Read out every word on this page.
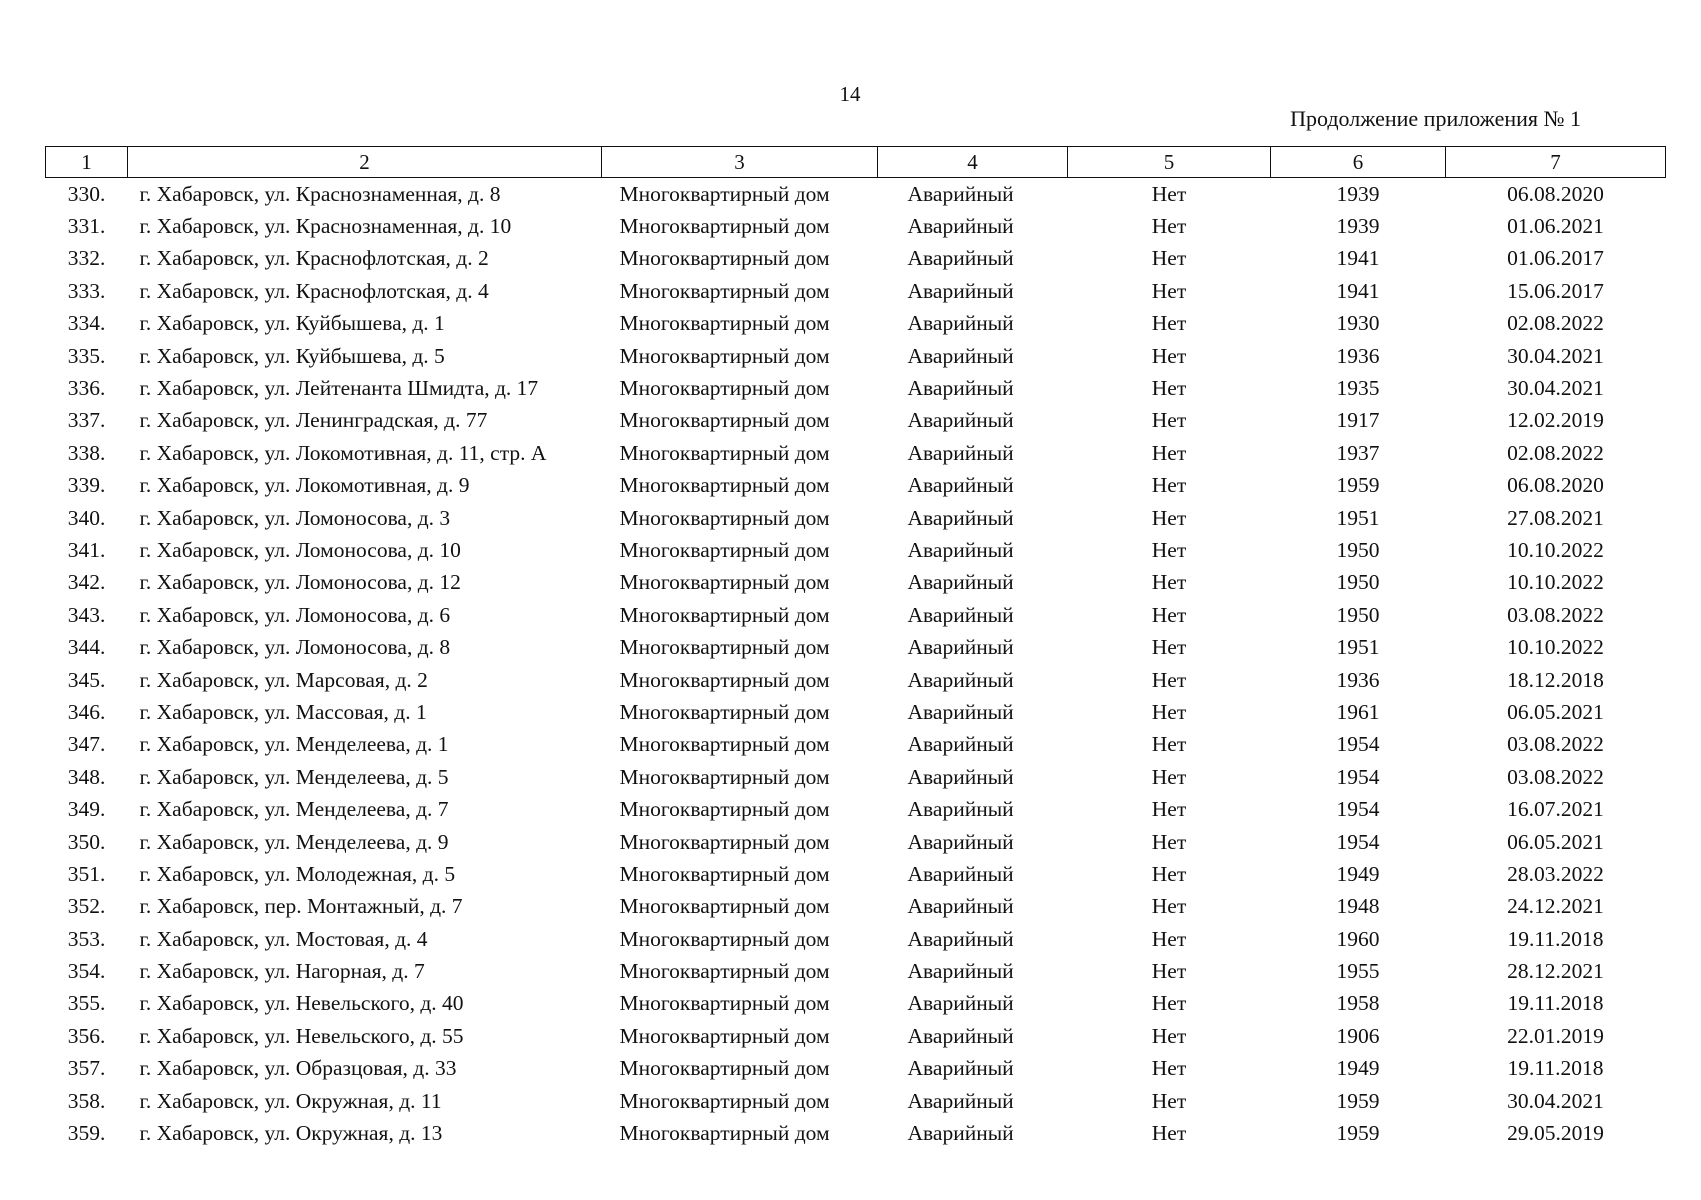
14
Продолжение приложения № 1
1	2	3	4	5	6	7
330.	г. Хабаровск, ул. Краснознаменная, д. 8	Многоквартирный дом	Аварийный	Нет	1939	06.08.2020
331.	г. Хабаровск, ул. Краснознаменная, д. 10	Многоквартирный дом	Аварийный	Нет	1939	01.06.2021
332.	г. Хабаровск, ул. Краснофлотская, д. 2	Многоквартирный дом	Аварийный	Нет	1941	01.06.2017
333.	г. Хабаровск, ул. Краснофлотская, д. 4	Многоквартирный дом	Аварийный	Нет	1941	15.06.2017
334.	г. Хабаровск, ул. Куйбышева, д. 1	Многоквартирный дом	Аварийный	Нет	1930	02.08.2022
335.	г. Хабаровск, ул. Куйбышева, д. 5	Многоквартирный дом	Аварийный	Нет	1936	30.04.2021
336.	г. Хабаровск, ул. Лейтенанта Шмидта, д. 17	Многоквартирный дом	Аварийный	Нет	1935	30.04.2021
337.	г. Хабаровск, ул. Ленинградская, д. 77	Многоквартирный дом	Аварийный	Нет	1917	12.02.2019
338.	г. Хабаровск, ул. Локомотивная, д. 11, стр. А	Многоквартирный дом	Аварийный	Нет	1937	02.08.2022
339.	г. Хабаровск, ул. Локомотивная, д. 9	Многоквартирный дом	Аварийный	Нет	1959	06.08.2020
340.	г. Хабаровск, ул. Ломоносова, д. 3	Многоквартирный дом	Аварийный	Нет	1951	27.08.2021
341.	г. Хабаровск, ул. Ломоносова, д. 10	Многоквартирный дом	Аварийный	Нет	1950	10.10.2022
342.	г. Хабаровск, ул. Ломоносова, д. 12	Многоквартирный дом	Аварийный	Нет	1950	10.10.2022
343.	г. Хабаровск, ул. Ломоносова, д. 6	Многоквартирный дом	Аварийный	Нет	1950	03.08.2022
344.	г. Хабаровск, ул. Ломоносова, д. 8	Многоквартирный дом	Аварийный	Нет	1951	10.10.2022
345.	г. Хабаровск, ул. Марсовая, д. 2	Многоквартирный дом	Аварийный	Нет	1936	18.12.2018
346.	г. Хабаровск, ул. Массовая, д. 1	Многоквартирный дом	Аварийный	Нет	1961	06.05.2021
347.	г. Хабаровск, ул. Менделеева, д. 1	Многоквартирный дом	Аварийный	Нет	1954	03.08.2022
348.	г. Хабаровск, ул. Менделеева, д. 5	Многоквартирный дом	Аварийный	Нет	1954	03.08.2022
349.	г. Хабаровск, ул. Менделеева, д. 7	Многоквартирный дом	Аварийный	Нет	1954	16.07.2021
350.	г. Хабаровск, ул. Менделеева, д. 9	Многоквартирный дом	Аварийный	Нет	1954	06.05.2021
351.	г. Хабаровск, ул. Молодежная, д. 5	Многоквартирный дом	Аварийный	Нет	1949	28.03.2022
352.	г. Хабаровск, пер. Монтажный, д. 7	Многоквартирный дом	Аварийный	Нет	1948	24.12.2021
353.	г. Хабаровск, ул. Мостовая, д. 4	Многоквартирный дом	Аварийный	Нет	1960	19.11.2018
354.	г. Хабаровск, ул. Нагорная, д. 7	Многоквартирный дом	Аварийный	Нет	1955	28.12.2021
355.	г. Хабаровск, ул. Невельского, д. 40	Многоквартирный дом	Аварийный	Нет	1958	19.11.2018
356.	г. Хабаровск, ул. Невельского, д. 55	Многоквартирный дом	Аварийный	Нет	1906	22.01.2019
357.	г. Хабаровск, ул. Образцовая, д. 33	Многоквартирный дом	Аварийный	Нет	1949	19.11.2018
358.	г. Хабаровск, ул. Окружная, д. 11	Многоквартирный дом	Аварийный	Нет	1959	30.04.2021
359.	г. Хабаровск, ул. Окружная, д. 13	Многоквартирный дом	Аварийный	Нет	1959	29.05.2019
